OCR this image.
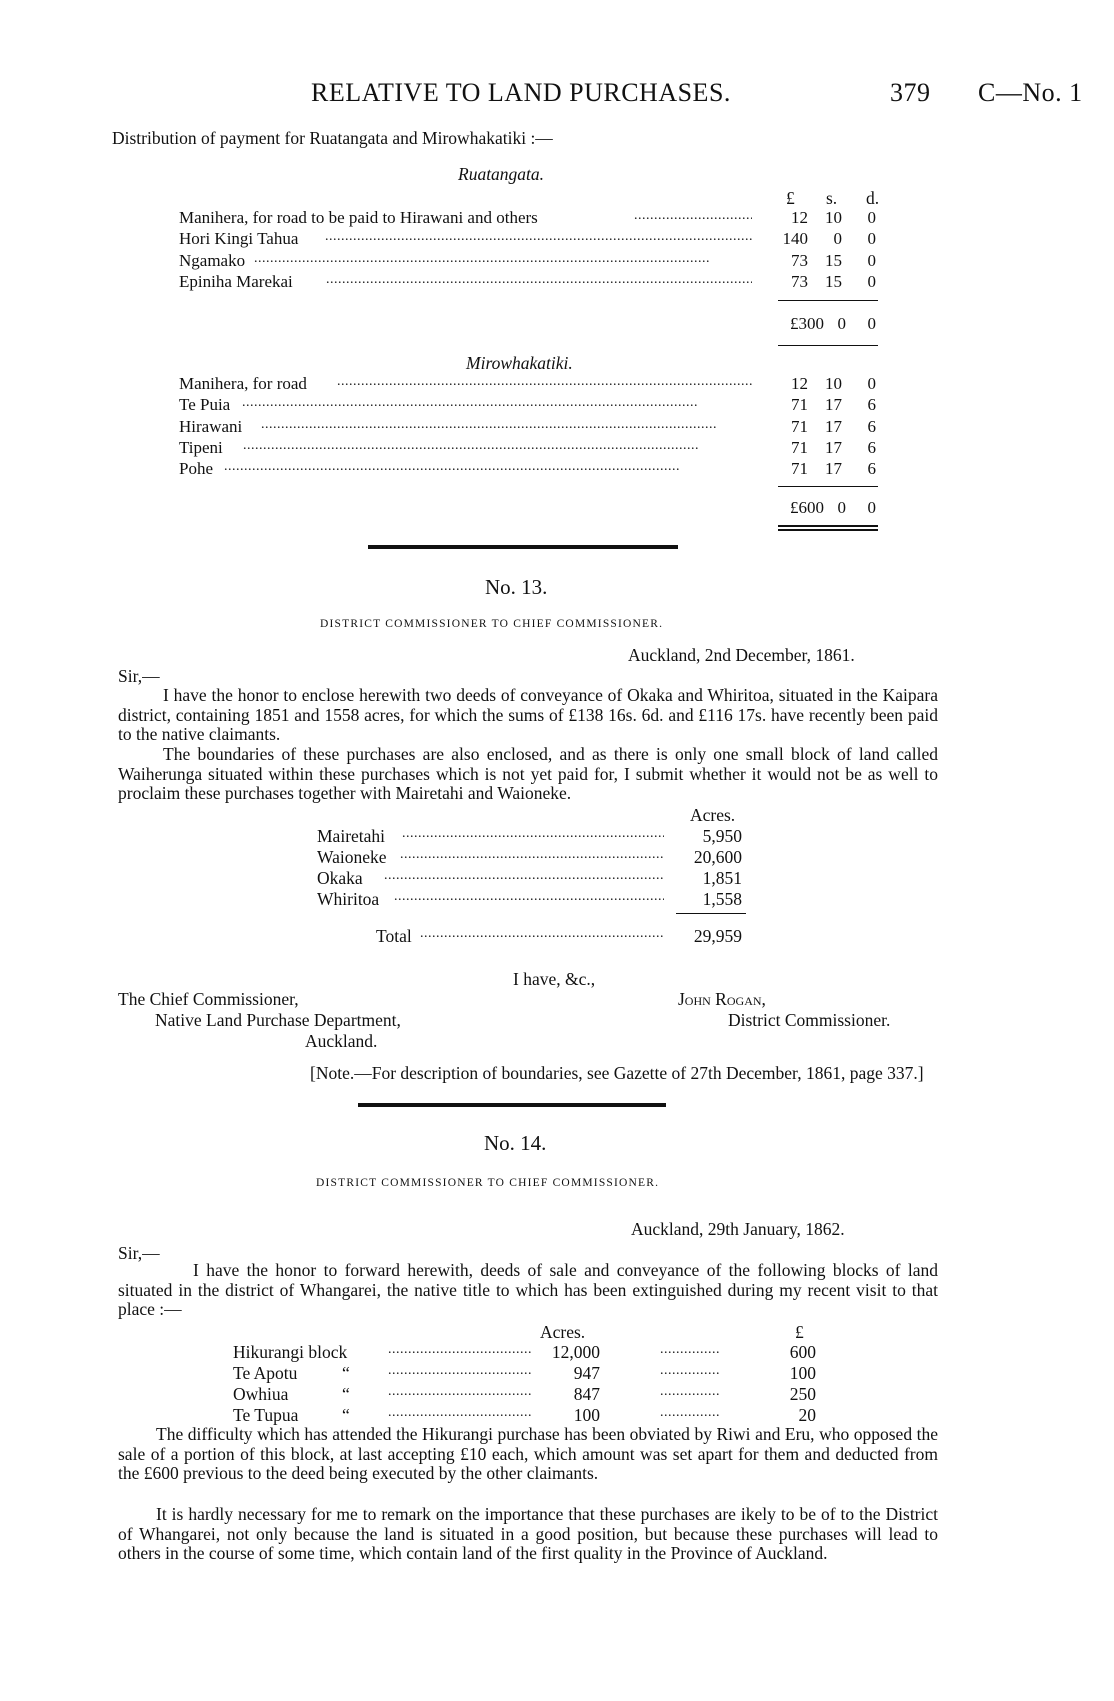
RELATIVE TO LAND PURCHASES.	379 C—No. 1
Distribution of payment for Ruatangata and Mirowhakatiki :—
Ruatangata.
£ s. d.
Manihera, for road to be paid to Hirawani and others . . .	12	10	0
Hori Kingi Tahua . . .	140	0	0
Ngamako . . .	73	15	0
Epiniha Marekai . . .	73	15	0
£300 0	0
Mirowhakatiki.
Manihera, for road . . .	12	10	0
Te Puia . . .	71	17	6
Hirawani . . .	71	17	6
Tipeni . . .	71	17	6
Pohe . . .	71	17	6
£600 0	0
No. 13.
DISTRICT COMMISSIONER TO CHIEF COMMISSIONER.
Auckland, 2nd December, 1861.
Sir,—
I have the honor to enclose herewith two deeds of conveyance of Okaka and Whiritoa, situated in the Kaipara district, containing 1851 and 1558 acres, for which the sums of £138 16s. 6d. and £116 17s. have recently been paid to the native claimants.
The boundaries of these purchases are also enclosed, and as there is only one small block of land called Waiherunga situated within these purchases which is not yet paid for, I submit whether it would not be as well to proclaim these purchases together with Mairetahi and Waioneke.
Acres.
Mairetahi . . .	5,950
Waioneke . . .	20,600
Okaka . . .	1,851
Whiritoa . . .	1,558
Total . . .	29,959
I have, &c.,
The Chief Commissioner,
Native Land Purchase Department,
Auckland.
John Rogan,
District Commissioner.
[Note.—For description of boundaries, see Gazette of 27th December, 1861, page 337.]
No. 14.
DISTRICT COMMISSIONER TO CHIEF COMMISSIONER.
Auckland, 29th January, 1862.
Sir,—
I have the honor to forward herewith, deeds of sale and conveyance of the following blocks of land situated in the district of Whangarei, the native title to which has been extinguished during my recent visit to that place :—
Acres.	£
Hikurangi block . . .	12,000 . . .	600
Te Apotu	“ . . .	947 . . .	100
Owhiua	“ . . .	847 . . .	250
Te Tupua “ . . .	100 . . .	20
The difficulty which has attended the Hikurangi purchase has been obviated by Riwi and Eru, who opposed the sale of a portion of this block, at last accepting £10 each, which amount was set apart for them and deducted from the £600 previous to the deed being executed by the other claimants.
It is hardly necessary for me to remark on the importance that these purchases are ikely to be of to the District of Whangarei, not only because the land is situated in a good position, but because these purchases will lead to others in the course of some time, which contain land of the first quality in the Province of Auckland.
